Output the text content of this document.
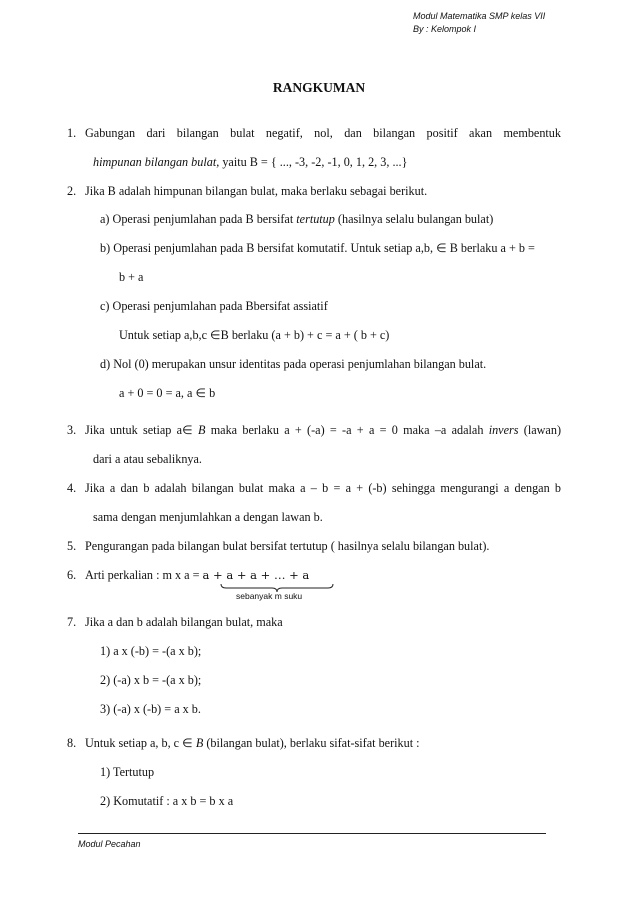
Modul Matematika SMP kelas VII
By : Kelompok I
RANGKUMAN
1. Gabungan dari bilangan bulat negatif, nol, dan bilangan positif akan membentuk
himpunan bilangan bulat, yaitu B = { ..., -3, -2, -1, 0, 1, 2, 3, ...}
2. Jika B adalah himpunan bilangan bulat, maka berlaku sebagai berikut.
a) Operasi penjumlahan pada B bersifat tertutup (hasilnya selalu bulangan bulat)
b) Operasi penjumlahan pada B bersifat komutatif. Untuk setiap a,b, ∈ B berlaku a + b =
b + a
c) Operasi penjumlahan pada Bbersifat assiatif
Untuk setiap a,b,c ∈B berlaku (a + b) + c = a + ( b + c)
d) Nol (0) merupakan unsur identitas pada operasi penjumlahan bilangan bulat.
a + 0 = 0 = a, a ∈ b
3. Jika untuk setiap a∈ B maka berlaku a + (-a) = -a + a = 0 maka –a adalah invers (lawan)
dari a atau sebaliknya.
4. Jika a dan b adalah bilangan bulat maka a – b = a + (-b) sehingga mengurangi a dengan b
sama dengan menjumlahkan a dengan lawan b.
5. Pengurangan pada bilangan bulat bersifat tertutup ( hasilnya selalu bilangan bulat).
6. Arti perkalian : m x a = a + a + a + … + a
sebanyak m suku
7. Jika a dan b adalah bilangan bulat, maka
1) a x (-b) = -(a x b);
2) (-a) x b = -(a x b);
3) (-a) x (-b) = a x b.
8. Untuk setiap a, b, c ∈ B (bilangan bulat), berlaku sifat-sifat berikut :
1) Tertutup
2) Komutatif : a x b = b x a
Modul Pecahan
